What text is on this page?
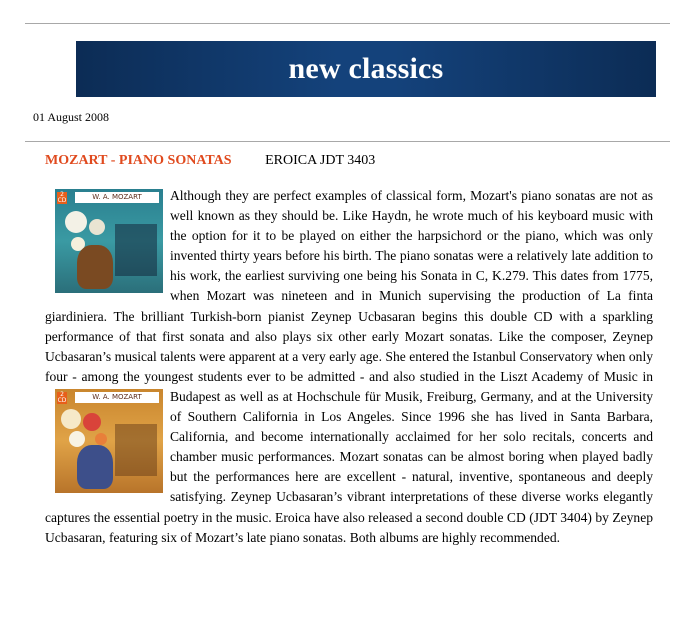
new classics
01 August 2008
MOZART - PIANO SONATAS EROICA JDT 3403
2 CD	W. A. MOZART	Although they are perfect examples of classical form, Mozart's piano sonatas are not as well known as they should be. Like Haydn, he wrote much of his keyboard music with the option for it to be played on either the harpsichord or the piano, which was only invented thirty years before his birth. The piano sonatas were a relatively late addition to his work, the earliest surviving one being his Sonata in C, K.279. This dates from 1775, when Mozart was nineteen and in Munich supervising the production of La finta giardiniera. The brilliant Turkish-born pianist Zeynep Ucbasaran begins this double CD with a sparkling performance of that first sonata and also plays six other early Mozart sonatas. Like the composer, Zeynep Ucbasaran’s musical talents were apparent at a very early age. She entered the Istanbul Conservatory when only four - among the youngest students ever to be admitted - and also studied in the Liszt Academy of Music in Budapest as well as
2 CD	W. A. MOZART	at Hochschule für Musik, Freiburg, Germany, and at the University of Southern California in Los Angeles. Since 1996 she has lived in Santa Barbara, California, and become internationally acclaimed for her solo recitals, concerts and chamber music performances. Mozart sonatas can be almost boring when played badly but the performances here are excellent - natural, inventive, spontaneous and deeply satisfying. Zeynep Ucbasaran’s vibrant interpretations of these diverse works elegantly captures the essential poetry in the music. Eroica have also released a second double CD (JDT 3404) by Zeynep Ucbasaran, featuring six of Mozart’s late piano sonatas. Both albums are highly recommended.
